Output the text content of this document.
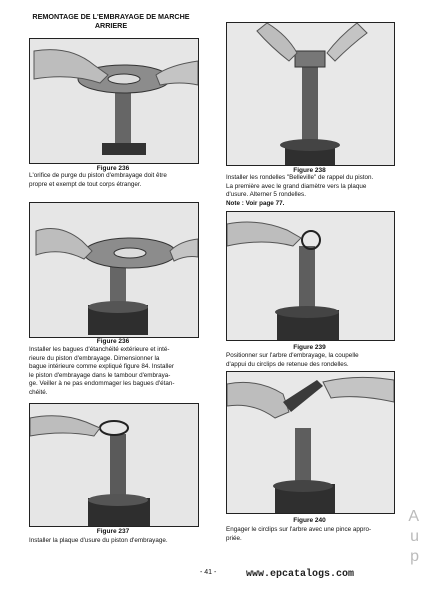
REMONTAGE DE L'EMBRAYAGE DE MARCHE
ARRIERE
Figure 236
L'orifice de purge du piston d'embrayage doit être
propre et exempt de tout corps étranger.
Figure 238
Installer les rondelles "Belleville" de rappel du piston.
La première avec le grand diamètre vers la plaque
d'usure. Alterner 5 rondelles.
Note : Voir page 77.
Figure 236
Installer les bagues d'étanchéité extérieure et inté-
rieure du piston d'embrayage. Dimensionner la
bague intérieure comme expliqué figure 84. Installer
le piston d'embrayage dans le tambour d'embraya-
ge. Veiller à ne pas endommager les bagues d'étan-
chéité.
Figure 239
Positionner sur l'arbre d'embrayage, la coupelle
d'appui du circlips de retenue des rondelles.
Figure 237
Installer la plaque d'usure du piston d'embrayage.
Figure 240
Engager le circlips sur l'arbre avec une pince appro-
priée.
- 41 -	www.epcatalogs.com
A
u
p
